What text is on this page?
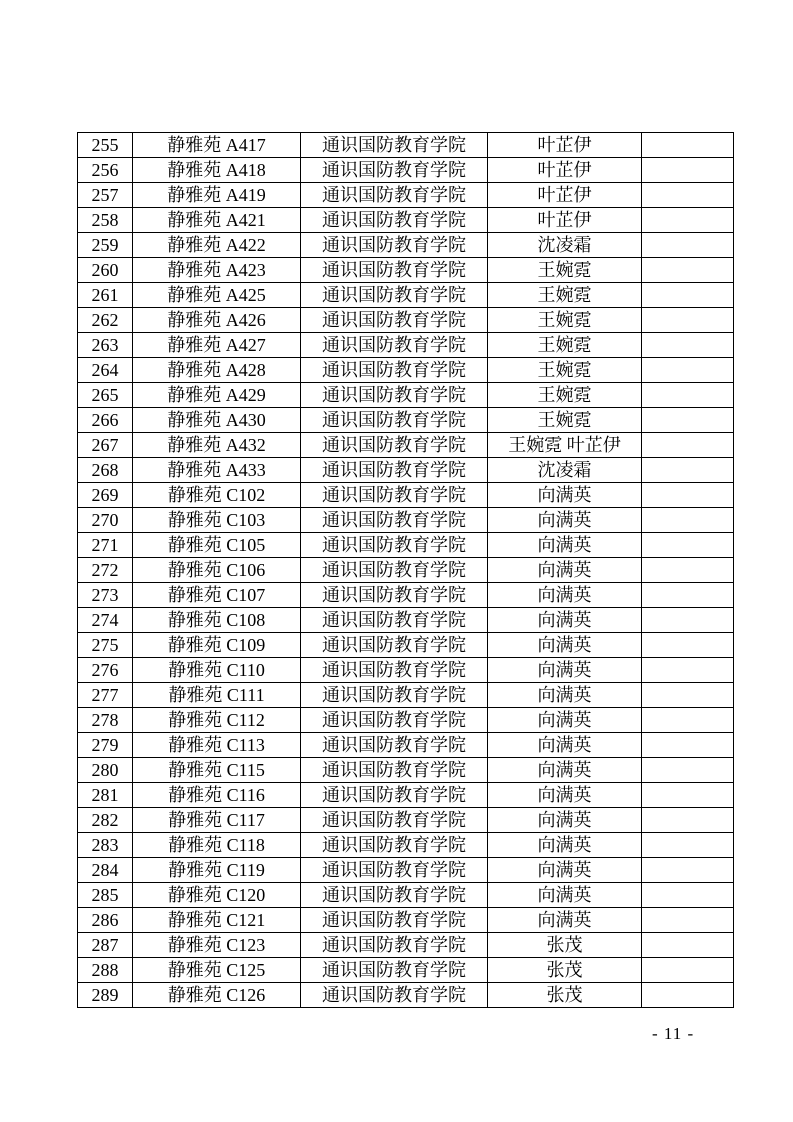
255	静雅苑 A417	通识国防教育学院	叶芷伊	
256	静雅苑 A418	通识国防教育学院	叶芷伊	
257	静雅苑 A419	通识国防教育学院	叶芷伊	
258	静雅苑 A421	通识国防教育学院	叶芷伊	
259	静雅苑 A422	通识国防教育学院	沈凌霜	
260	静雅苑 A423	通识国防教育学院	王婉霓	
261	静雅苑 A425	通识国防教育学院	王婉霓	
262	静雅苑 A426	通识国防教育学院	王婉霓	
263	静雅苑 A427	通识国防教育学院	王婉霓	
264	静雅苑 A428	通识国防教育学院	王婉霓	
265	静雅苑 A429	通识国防教育学院	王婉霓	
266	静雅苑 A430	通识国防教育学院	王婉霓	
267	静雅苑 A432	通识国防教育学院	王婉霓 叶芷伊	
268	静雅苑 A433	通识国防教育学院	沈凌霜	
269	静雅苑 C102	通识国防教育学院	向满英	
270	静雅苑 C103	通识国防教育学院	向满英	
271	静雅苑 C105	通识国防教育学院	向满英	
272	静雅苑 C106	通识国防教育学院	向满英	
273	静雅苑 C107	通识国防教育学院	向满英	
274	静雅苑 C108	通识国防教育学院	向满英	
275	静雅苑 C109	通识国防教育学院	向满英	
276	静雅苑 C110	通识国防教育学院	向满英	
277	静雅苑 C111	通识国防教育学院	向满英	
278	静雅苑 C112	通识国防教育学院	向满英	
279	静雅苑 C113	通识国防教育学院	向满英	
280	静雅苑 C115	通识国防教育学院	向满英	
281	静雅苑 C116	通识国防教育学院	向满英	
282	静雅苑 C117	通识国防教育学院	向满英	
283	静雅苑 C118	通识国防教育学院	向满英	
284	静雅苑 C119	通识国防教育学院	向满英	
285	静雅苑 C120	通识国防教育学院	向满英	
286	静雅苑 C121	通识国防教育学院	向满英	
287	静雅苑 C123	通识国防教育学院	张茂	
288	静雅苑 C125	通识国防教育学院	张茂	
289	静雅苑 C126	通识国防教育学院	张茂	
- 11 -
